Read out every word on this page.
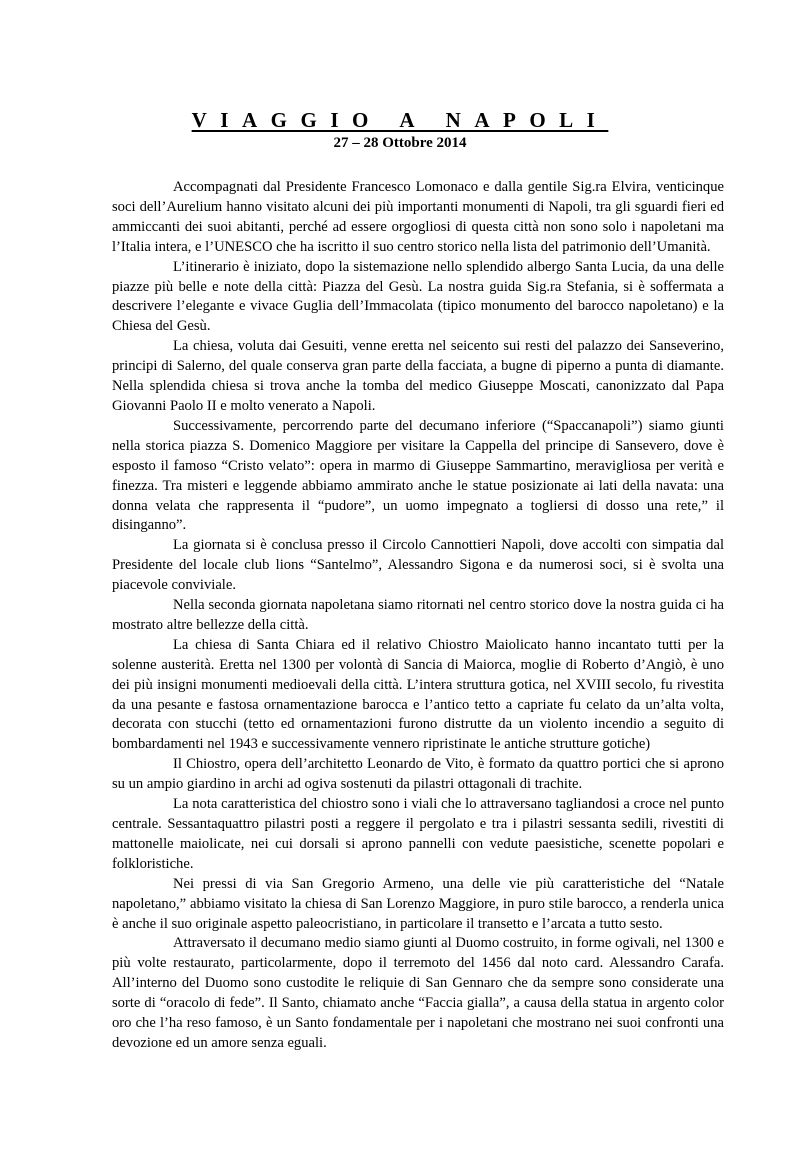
VIAGGIO A NAPOLI
27 – 28 Ottobre 2014

Accompagnati dal Presidente Francesco Lomonaco e dalla gentile Sig.ra Elvira, venticinque soci dell’Aurelium hanno visitato alcuni dei più importanti monumenti di Napoli, tra gli sguardi fieri ed ammiccanti dei suoi abitanti, perché ad essere orgogliosi di questa città non sono solo i napoletani ma l’Italia intera, e l’UNESCO che ha iscritto il suo centro storico nella lista del patrimonio dell’Umanità.

L’itinerario è iniziato, dopo la sistemazione nello splendido albergo Santa Lucia, da una delle piazze più belle e note della città: Piazza del Gesù. La nostra guida Sig.ra Stefania, si è soffermata a descrivere l’elegante e vivace Guglia dell’Immacolata (tipico monumento del barocco napoletano) e la Chiesa del Gesù.

La chiesa, voluta dai Gesuiti, venne eretta nel seicento sui resti del palazzo dei Sanseverino, principi di Salerno, del quale conserva gran parte della facciata, a bugne di piperno a punta di diamante. Nella splendida chiesa si trova anche la tomba del medico Giuseppe Moscati, canonizzato dal Papa Giovanni Paolo II e molto venerato a Napoli.

Successivamente, percorrendo parte del decumano inferiore (“Spaccanapoli”) siamo giunti nella storica piazza S. Domenico Maggiore per visitare la Cappella del principe di Sansevero, dove è esposto il famoso “Cristo velato”: opera in marmo di Giuseppe Sammartino, meravigliosa per verità e finezza. Tra misteri e leggende abbiamo ammirato anche le statue posizionate ai lati della navata: una donna velata che rappresenta il “pudore”, un uomo impegnato a togliersi di dosso una rete,” il disinganno”.

La giornata si è conclusa presso il Circolo Cannottieri Napoli, dove accolti con simpatia dal Presidente del locale club lions “Santelmo”, Alessandro Sigona e da numerosi soci, si è svolta una piacevole conviviale.

Nella seconda giornata napoletana siamo ritornati nel centro storico dove la nostra guida ci ha mostrato altre bellezze della città.

La chiesa di Santa Chiara ed il relativo Chiostro Maiolicato hanno incantato tutti per la solenne austerità. Eretta nel 1300 per volontà di Sancia di Maiorca, moglie di Roberto d’Angiò, è uno dei più insigni monumenti medioevali della città. L’intera struttura gotica, nel XVIII secolo, fu rivestita da una pesante e fastosa ornamentazione barocca e l’antico tetto a capriate fu celato da un’alta volta, decorata con stucchi (tetto ed ornamentazioni furono distrutte da un violento incendio a seguito di bombardamenti nel 1943 e successivamente vennero ripristinate le antiche strutture gotiche)

Il Chiostro, opera dell’architetto Leonardo de Vito, è formato da quattro portici che si aprono su un ampio giardino in archi ad ogiva sostenuti da pilastri ottagonali di trachite.

La nota caratteristica del chiostro sono i viali che lo attraversano tagliandosi a croce nel punto centrale. Sessantaquattro pilastri posti a reggere il pergolato e tra i pilastri sessanta sedili, rivestiti di mattonelle maiolicate, nei cui dorsali si aprono pannelli con vedute paesistiche, scenette popolari e folkloristiche.

Nei pressi di via San Gregorio Armeno, una delle vie più caratteristiche del “Natale napoletano,” abbiamo visitato la chiesa di San Lorenzo Maggiore, in puro stile barocco, a renderla unica è anche il suo originale aspetto paleocristiano, in particolare il transetto e l’arcata a tutto sesto.

Attraversato il decumano medio siamo giunti al Duomo costruito, in forme ogivali, nel 1300 e più volte restaurato, particolarmente, dopo il terremoto del 1456 dal noto card. Alessandro Carafa. All’interno del Duomo sono custodite le reliquie di San Gennaro che da sempre sono considerate una sorte di “oracolo di fede”. Il Santo, chiamato anche “Faccia gialla”, a causa della statua in argento color oro che l’ha reso famoso, è un Santo fondamentale per i napoletani che mostrano nei suoi confronti una devozione ed un amore senza eguali.
